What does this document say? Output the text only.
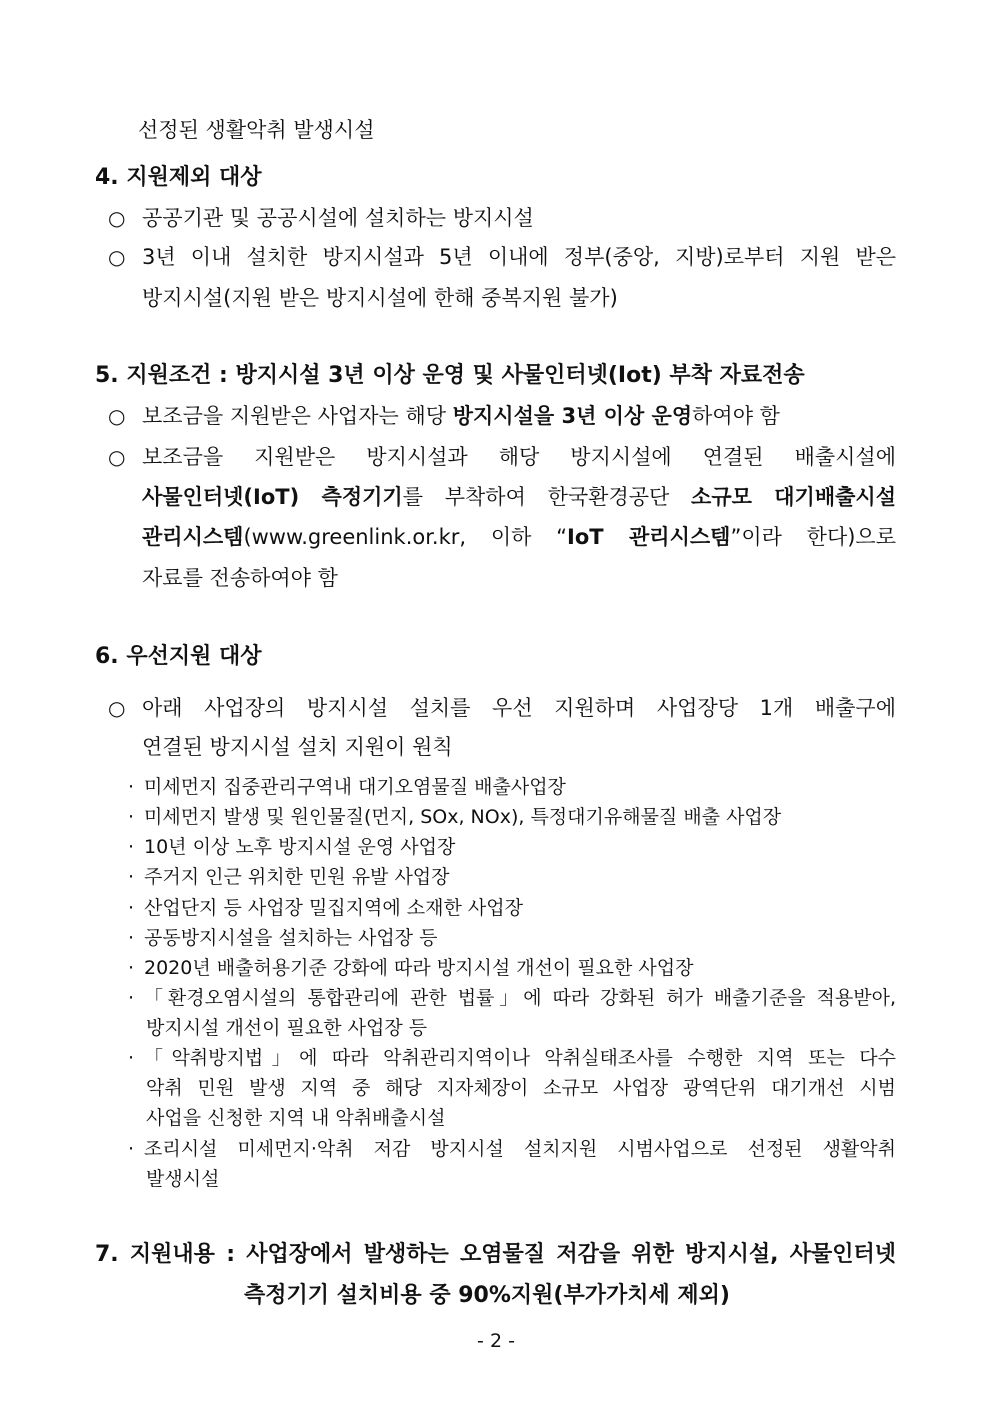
선정된 생활악취 발생시설
4. 지원제외 대상
○ 공공기관 및 공공시설에 설치하는 방지시설
○ 3년 이내 설치한 방지시설과 5년 이내에 정부(중앙, 지방)로부터 지원 받은
방지시설(지원 받은 방지시설에 한해 중복지원 불가)
5. 지원조건 : 방지시설 3년 이상 운영 및 사물인터넷(Iot) 부착 자료전송
○ 보조금을 지원받은 사업자는 해당 방지시설을 3년 이상 운영하여야 함
○ 보조금을 지원받은 방지시설과 해당 방지시설에 연결된 배출시설에
사물인터넷(IoT) 측정기기를 부착하여 한국환경공단 소규모 대기배출시설
관리시스템(www.greenlink.or.kr, 이하 “IoT 관리시스템”이라 한다)으로
자료를 전송하여야 함
6. 우선지원 대상
○ 아래 사업장의 방지시설 설치를 우선 지원하며 사업장당 1개 배출구에
연결된 방지시설 설치 지원이 원칙
· 미세먼지 집중관리구역내 대기오염물질 배출사업장
· 미세먼지 발생 및 원인물질(먼지, SOx, NOx), 특정대기유해물질 배출 사업장
· 10년 이상 노후 방지시설 운영 사업장
· 주거지 인근 위치한 민원 유발 사업장
· 산업단지 등 사업장 밀집지역에 소재한 사업장
· 공동방지시설을 설치하는 사업장 등
· 2020년 배출허용기준 강화에 따라 방지시설 개선이 필요한 사업장
· 「환경오염시설의 통합관리에 관한 법률」에 따라 강화된 허가 배출기준을 적용받아,
방지시설 개선이 필요한 사업장 등
· 「악취방지법」에 따라 악취관리지역이나 악취실태조사를 수행한 지역 또는 다수
악취 민원 발생 지역 중 해당 지자체장이 소규모 사업장 광역단위 대기개선 시범
사업을 신청한 지역 내 악취배출시설
· 조리시설 미세먼지·악취 저감 방지시설 설치지원 시범사업으로 선정된 생활악취
발생시설
7. 지원내용 : 사업장에서 발생하는 오염물질 저감을 위한 방지시설, 사물인터넷
측정기기 설치비용 중 90%지원(부가가치세 제외)
- 2 -
